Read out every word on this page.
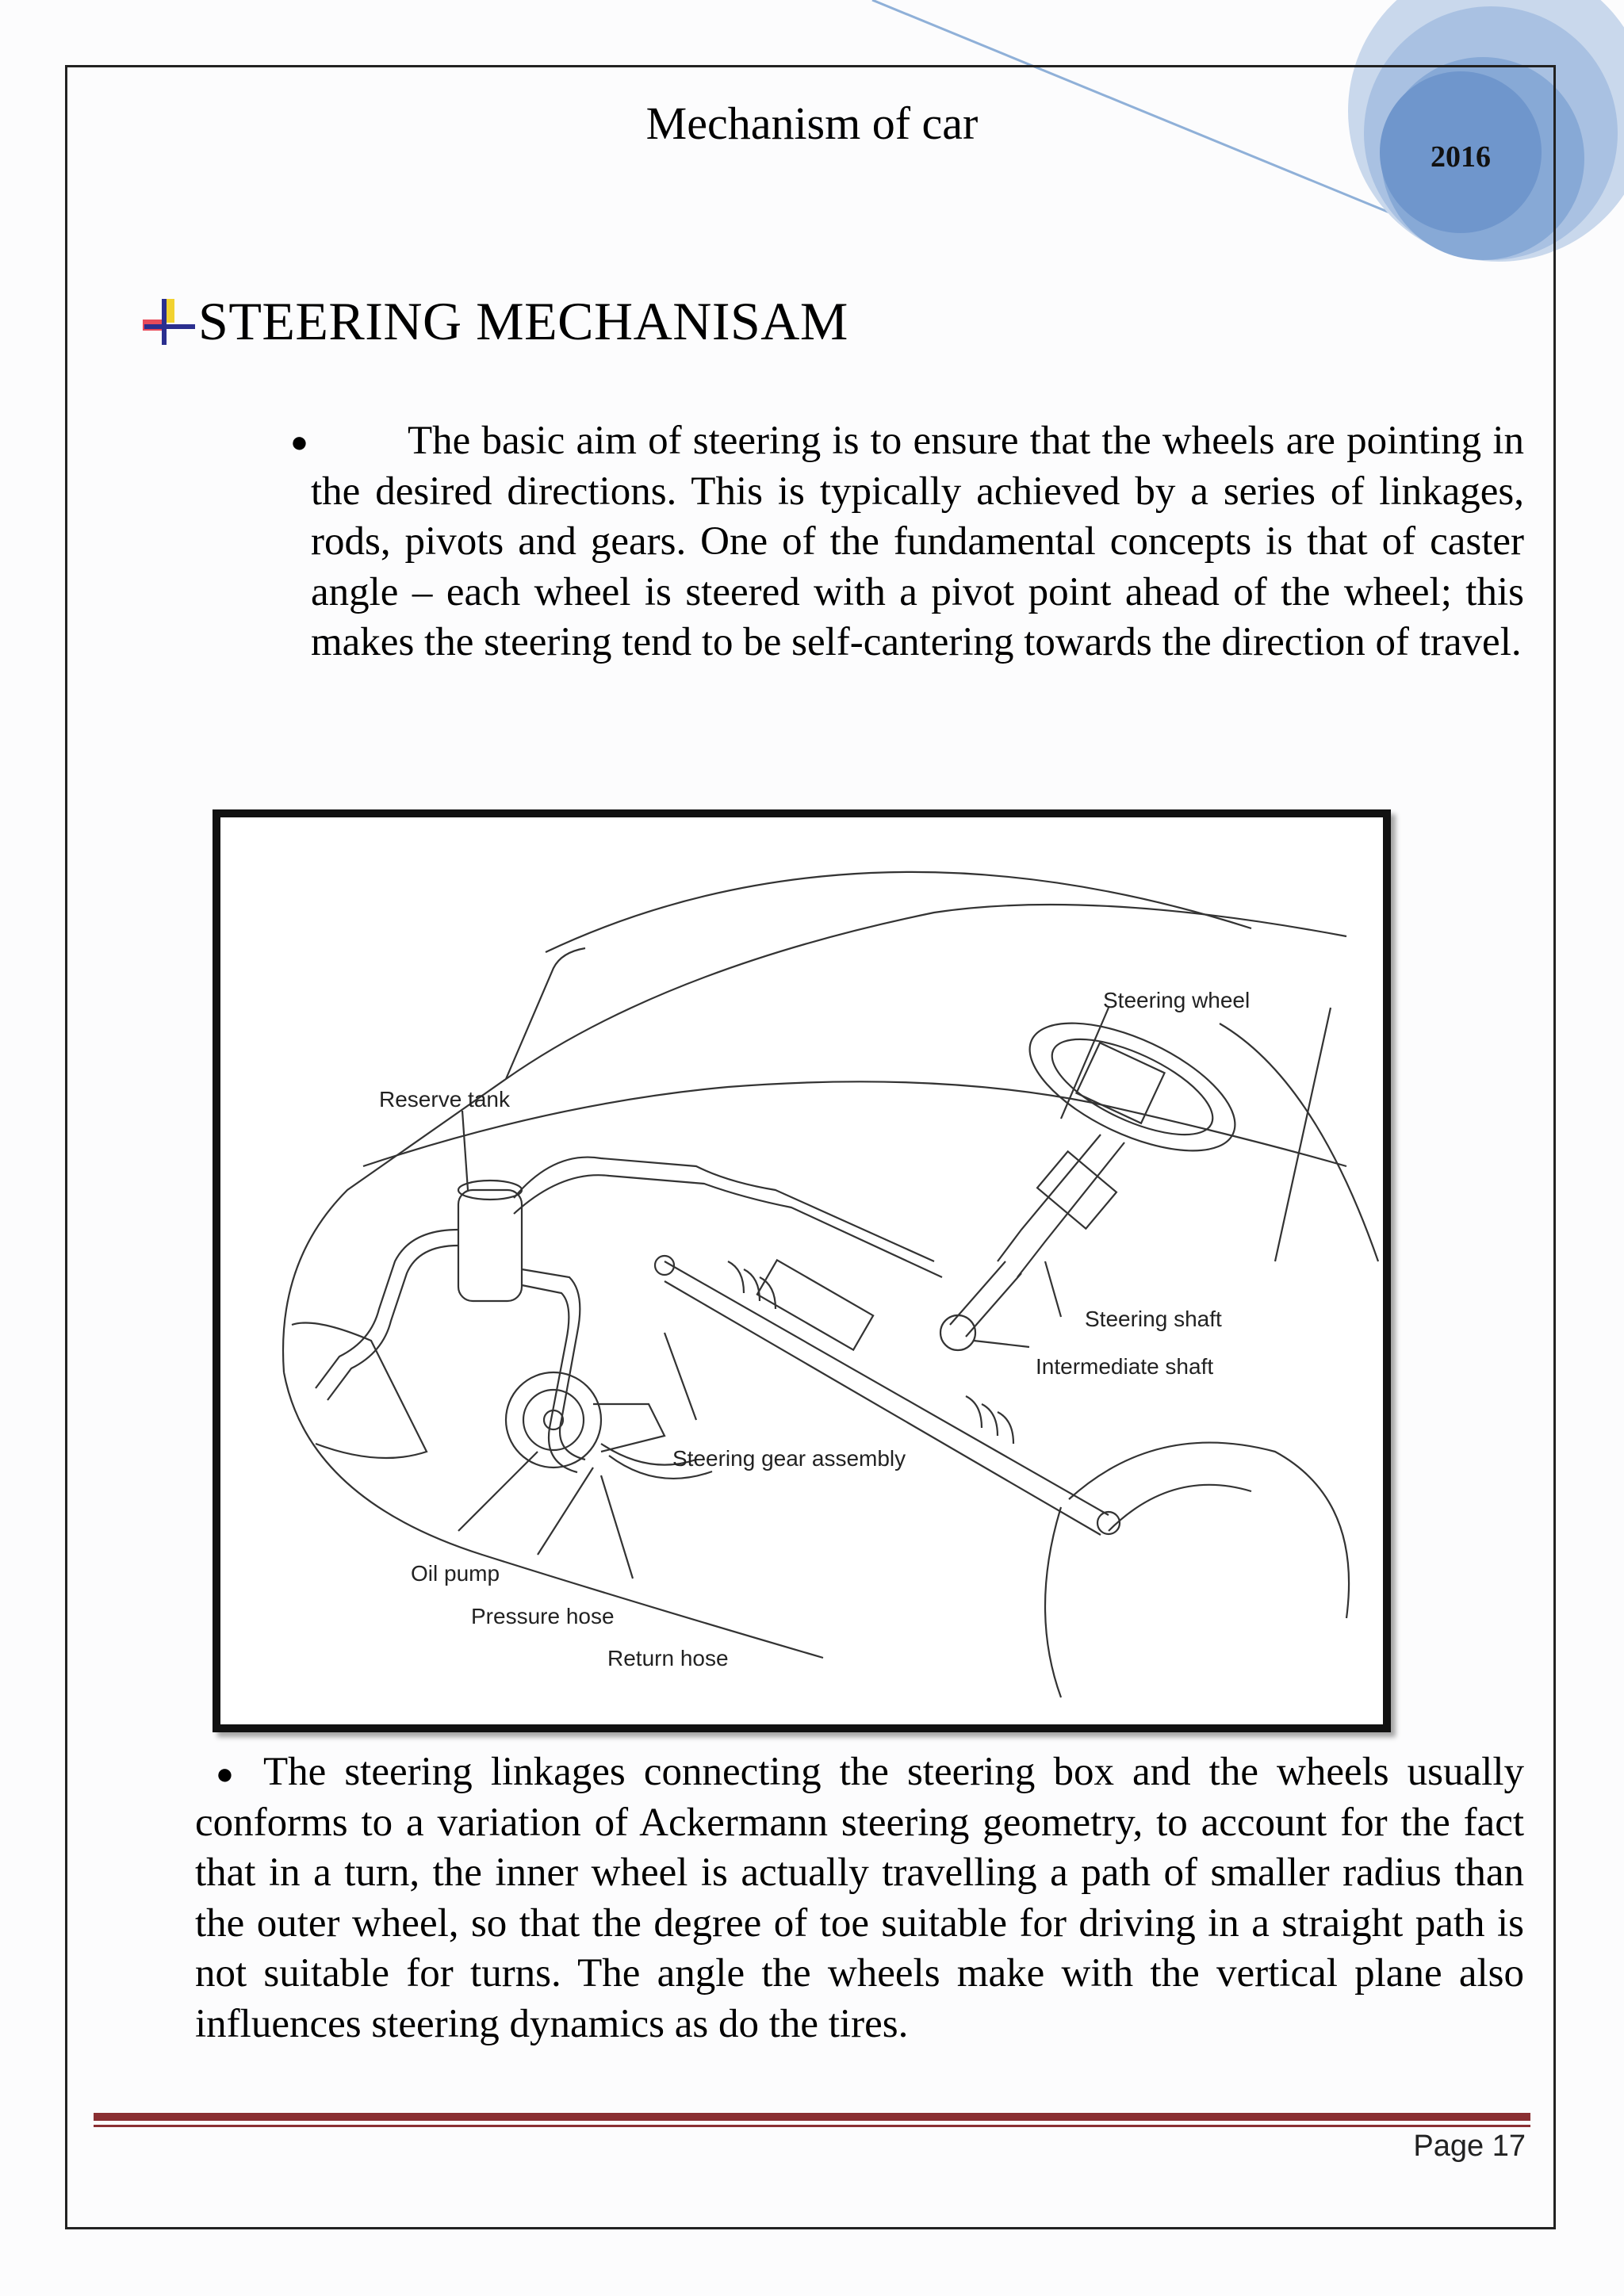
Mechanism of car
2016
STEERING MECHANISAM
●	The basic aim of steering is to ensure that the wheels are pointing in the desired directions. This is typically achieved by a series of linkages, rods, pivots and gears. One of the fundamental concepts is that of caster angle – each wheel is steered with a pivot point ahead of the wheel; this makes the steering tend to be self-cantering towards the direction of travel.

Steering wheel
Reserve tank
Steering shaft
Intermediate shaft
Steering gear assembly
Oil pump
Pressure hose
Return hose
● The steering linkages connecting the steering box and the wheels usually conforms to a variation of Ackermann steering geometry, to account for the fact that in a turn, the inner wheel is actually travelling a path of smaller radius than the outer wheel, so that the degree of toe suitable for driving in a straight path is not suitable for turns. The angle the wheels make with the vertical plane also influences steering dynamics as do the tires.

Page 17
